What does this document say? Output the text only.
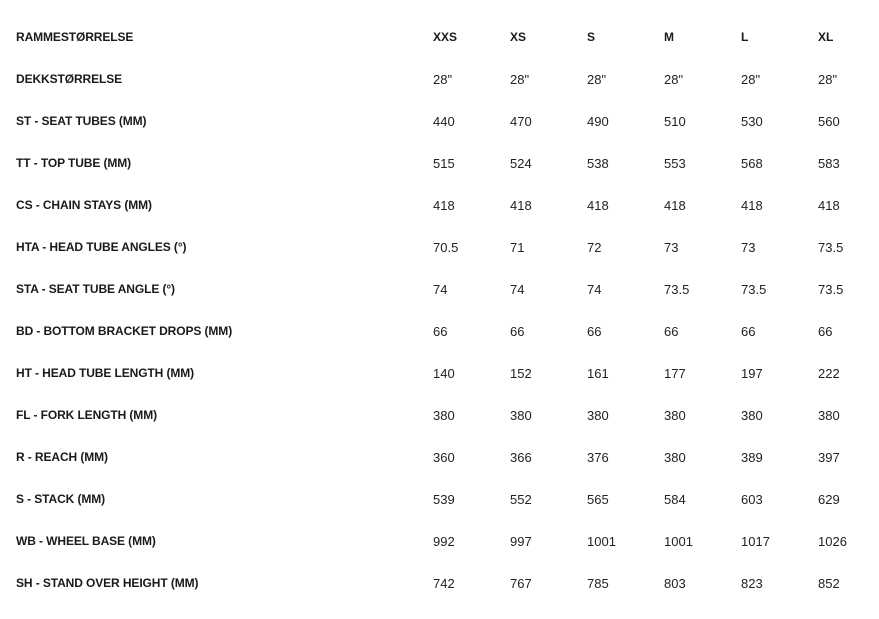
RAMMESTØRRELSE	XXS	XS	S	M	L	XL
DEKKSTØRRELSE	28"	28"	28"	28"	28"	28"
ST - SEAT TUBES (MM)	440	470	490	510	530	560
TT - TOP TUBE (MM)	515	524	538	553	568	583
CS - CHAIN STAYS (MM)	418	418	418	418	418	418
HTA - HEAD TUBE ANGLES (°)	70.5	71	72	73	73	73.5
STA - SEAT TUBE ANGLE (°)	74	74	74	73.5	73.5	73.5
BD - BOTTOM BRACKET DROPS (MM)	66	66	66	66	66	66
HT - HEAD TUBE LENGTH (MM)	140	152	161	177	197	222
FL - FORK LENGTH (MM)	380	380	380	380	380	380
R - REACH (MM)	360	366	376	380	389	397
S - STACK (MM)	539	552	565	584	603	629
WB - WHEEL BASE (MM)	992	997	1001	1001	1017	1026
SH - STAND OVER HEIGHT (MM)	742	767	785	803	823	852
